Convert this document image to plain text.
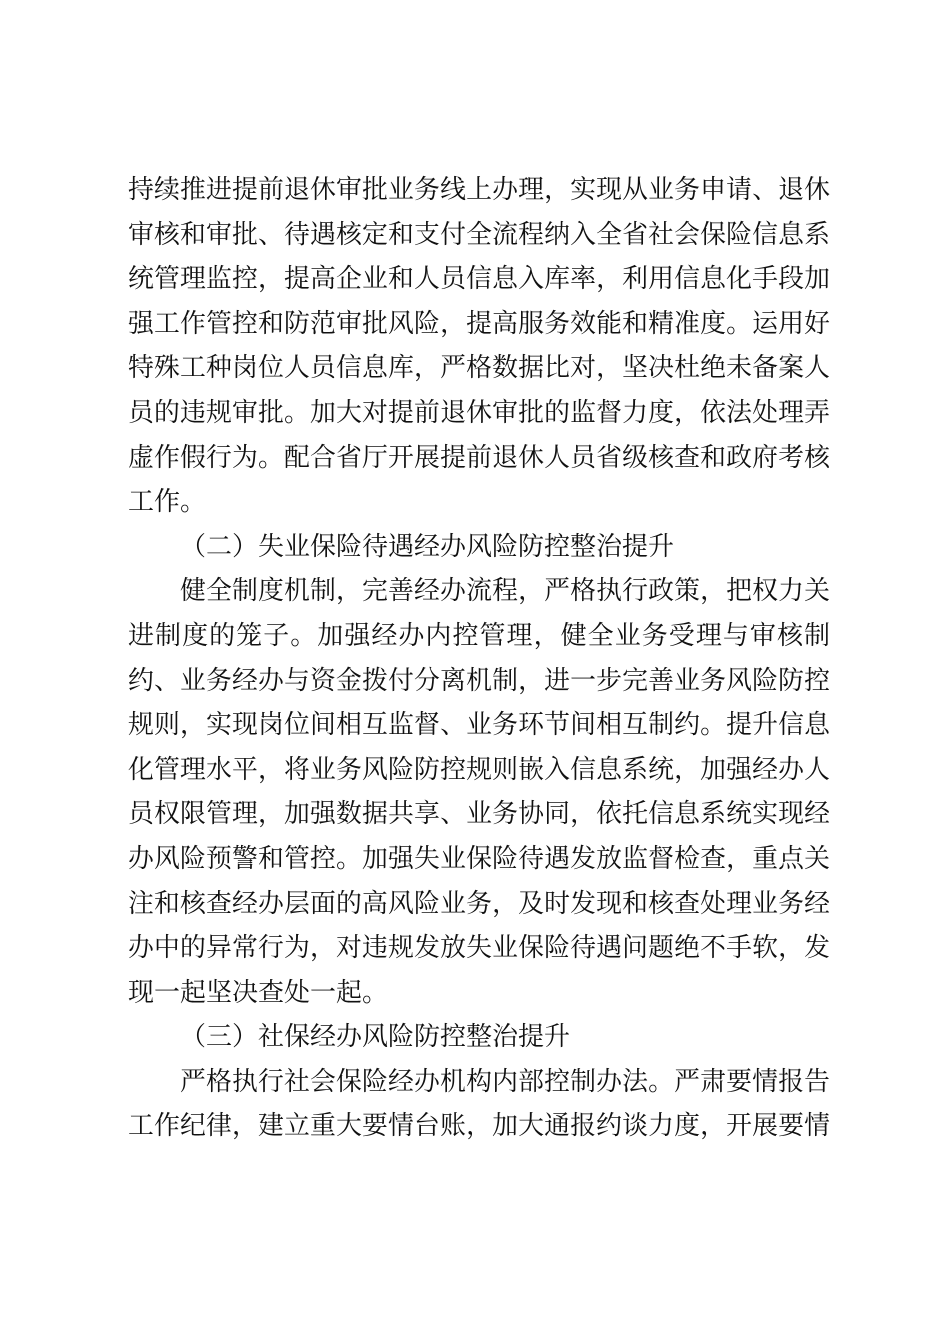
持续推进提前退休审批业务线上办理，实现从业务申请、退休
审核和审批、待遇核定和支付全流程纳入全省社会保险信息系
统管理监控，提高企业和人员信息入库率，利用信息化手段加
强工作管控和防范审批风险，提高服务效能和精准度。运用好
特殊工种岗位人员信息库，严格数据比对，坚决杜绝未备案人
员的违规审批。加大对提前退休审批的监督力度，依法处理弄
虚作假行为。配合省厅开展提前退休人员省级核查和政府考核
工作。
（二）失业保险待遇经办风险防控整治提升
健全制度机制，完善经办流程，严格执行政策，把权力关
进制度的笼子。加强经办内控管理，健全业务受理与审核制
约、业务经办与资金拨付分离机制，进一步完善业务风险防控
规则，实现岗位间相互监督、业务环节间相互制约。提升信息
化管理水平，将业务风险防控规则嵌入信息系统，加强经办人
员权限管理，加强数据共享、业务协同，依托信息系统实现经
办风险预警和管控。加强失业保险待遇发放监督检查，重点关
注和核查经办层面的高风险业务，及时发现和核查处理业务经
办中的异常行为，对违规发放失业保险待遇问题绝不手软，发
现一起坚决查处一起。
（三）社保经办风险防控整治提升
严格执行社会保险经办机构内部控制办法。严肃要情报告
工作纪律，建立重大要情台账，加大通报约谈力度，开展要情
